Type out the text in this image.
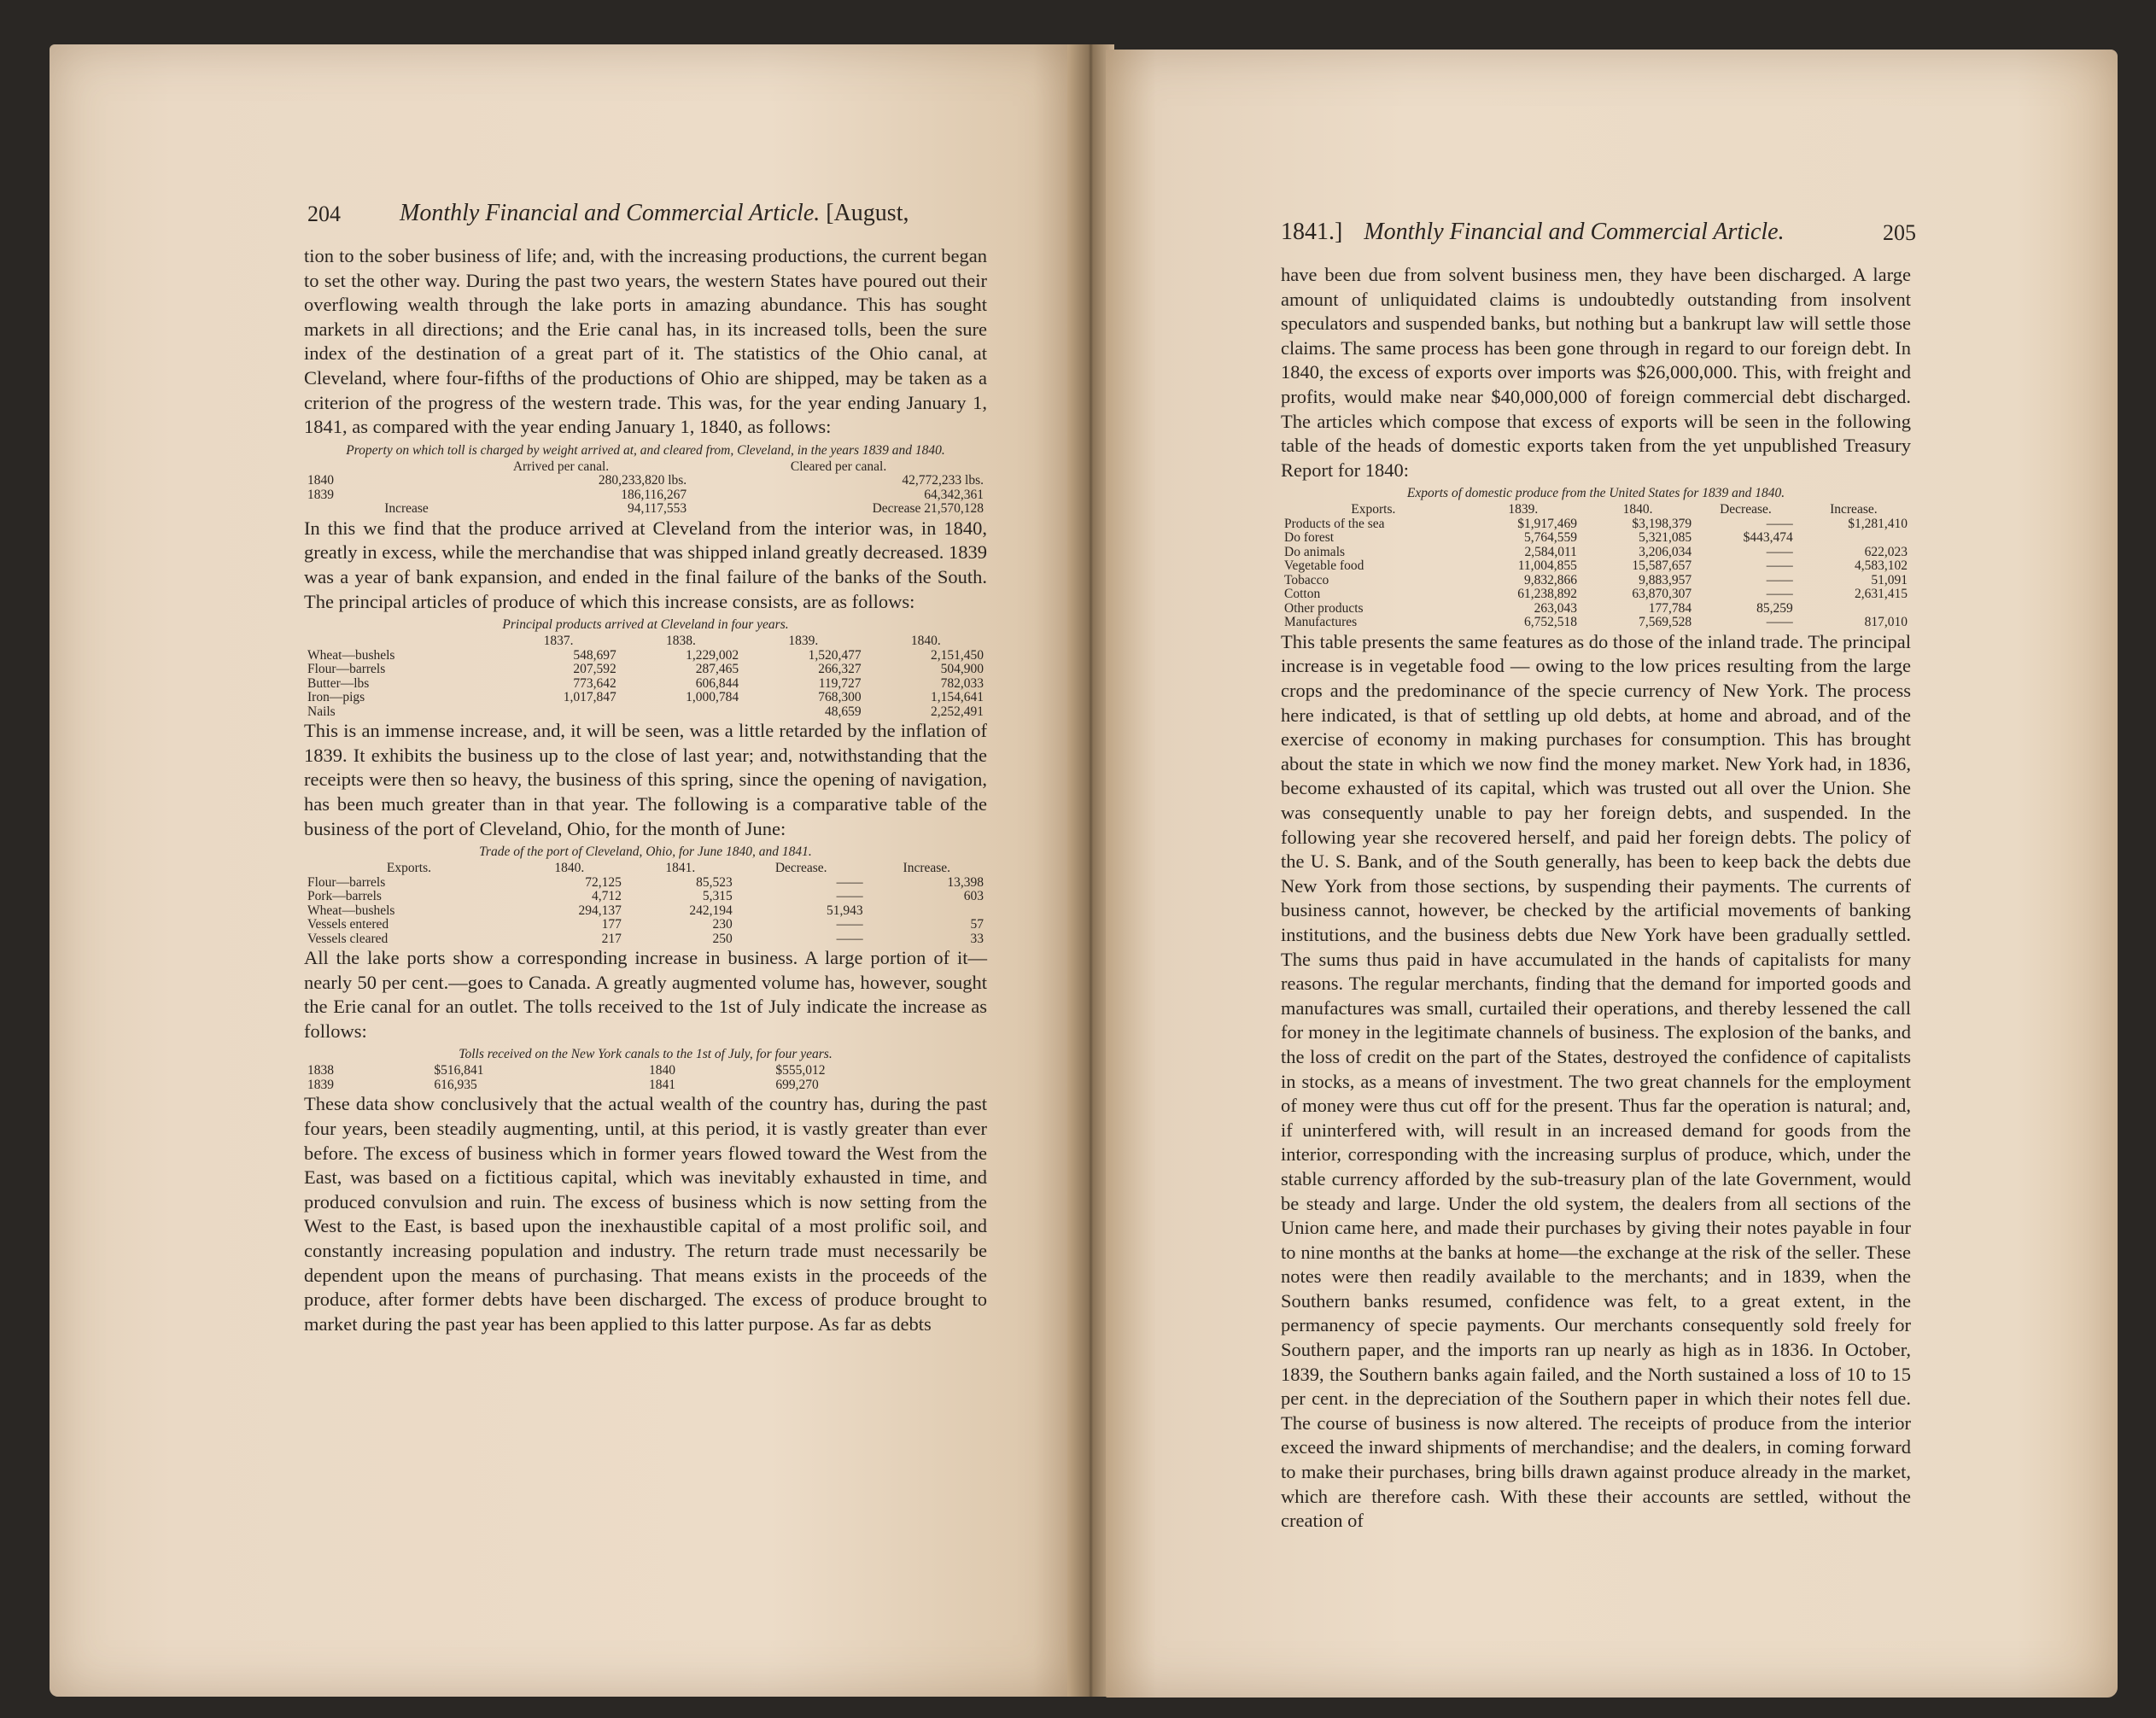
204 Monthly Financial and Commercial Article. [August,

tion to the sober business of life; and, with the increasing productions, the current began to set the other way. During the past two years, the western States have poured out their overflowing wealth through the lake ports in amazing abundance. This has sought markets in all directions; and the Erie canal has, in its increased tolls, been the sure index of the destination of a great part of it. The statistics of the Ohio canal, at Cleveland, where four-fifths of the productions of Ohio are shipped, may be taken as a criterion of the progress of the western trade. This was, for the year ending January 1, 1841, as compared with the year ending January 1, 1840, as follows:

Property on which toll is charged by weight arrived at, and cleared from, Cleveland, in the years 1839 and 1840.
	Arrived per canal.	Cleared per canal.
1840	280,233,820 lbs.	42,772,233 lbs.
1839	186,116,267	64,342,361
Increase	94,117,553	Decrease 21,570,128

In this we find that the produce arrived at Cleveland from the interior was, in 1840, greatly in excess, while the merchandise that was shipped inland greatly decreased. 1839 was a year of bank expansion, and ended in the final failure of the banks of the South. The principal articles of produce of which this increase consists, are as follows:

Principal products arrived at Cleveland in four years.
	1837.	1838.	1839.	1840.
Wheat—bushels	548,697	1,229,002	1,520,477	2,151,450
Flour—barrels	207,592	287,465	266,327	504,900
Butter—lbs	773,642	606,844	119,727	782,033
Iron—pigs	1,017,847	1,000,784	768,300	1,154,641
Nails			48,659	2,252,491

This is an immense increase, and, it will be seen, was a little retarded by the inflation of 1839. It exhibits the business up to the close of last year; and, notwithstanding that the receipts were then so heavy, the business of this spring, since the opening of navigation, has been much greater than in that year. The following is a comparative table of the business of the port of Cleveland, Ohio, for the month of June:

Trade of the port of Cleveland, Ohio, for June 1840, and 1841.
Exports.	1840.	1841.	Decrease.	Increase.
Flour—barrels	72,125	85,523	——	13,398
Pork—barrels	4,712	5,315	——	603
Wheat—bushels	294,137	242,194	51,943	
Vessels entered	177	230	——	57
Vessels cleared	217	250	——	33

All the lake ports show a corresponding increase in business. A large portion of it—nearly 50 per cent.—goes to Canada. A greatly augmented volume has, however, sought the Erie canal for an outlet. The tolls received to the 1st of July indicate the increase as follows:

Tolls received on the New York canals to the 1st of July, for four years.
1838	$516,841	1840	$555,012
1839	616,935	1841	699,270

These data show conclusively that the actual wealth of the country has, during the past four years, been steadily augmenting, until, at this period, it is vastly greater than ever before. The excess of business which in former years flowed toward the West from the East, was based on a fictitious capital, which was inevitably exhausted in time, and produced convulsion and ruin. The excess of business which is now setting from the West to the East, is based upon the inexhaustible capital of a most prolific soil, and constantly increasing population and industry. The return trade must necessarily be dependent upon the means of purchasing. That means exists in the proceeds of the produce, after former debts have been discharged. The excess of produce brought to market during the past year has been applied to this latter purpose. As far as debts

1841.] Monthly Financial and Commercial Article.	205

have been due from solvent business men, they have been discharged. A large amount of unliquidated claims is undoubtedly outstanding from insolvent speculators and suspended banks, but nothing but a bankrupt law will settle those claims. The same process has been gone through in regard to our foreign debt. In 1840, the excess of exports over imports was $26,000,000. This, with freight and profits, would make near $40,000,000 of foreign commercial debt discharged. The articles which compose that excess of exports will be seen in the following table of the heads of domestic exports taken from the yet unpublished Treasury Report for 1840:

Exports of domestic produce from the United States for 1839 and 1840.
Exports.	1839.	1840.	Decrease.	Increase.
Products of the sea	$1,917,469	$3,198,379	——	$1,281,410
Do forest	5,764,559	5,321,085	$443,474	
Do animals	2,584,011	3,206,034	——	622,023
Vegetable food	11,004,855	15,587,657	——	4,583,102
Tobacco	9,832,866	9,883,957	——	51,091
Cotton	61,238,892	63,870,307	——	2,631,415
Other products	263,043	177,784	85,259	
Manufactures	6,752,518	7,569,528	——	817,010

This table presents the same features as do those of the inland trade. The principal increase is in vegetable food — owing to the low prices resulting from the large crops and the predominance of the specie currency of New York. The process here indicated, is that of settling up old debts, at home and abroad, and of the exercise of economy in making purchases for consumption. This has brought about the state in which we now find the money market. New York had, in 1836, become exhausted of its capital, which was trusted out all over the Union. She was consequently unable to pay her foreign debts, and suspended. In the following year she recovered herself, and paid her foreign debts. The policy of the U. S. Bank, and of the South generally, has been to keep back the debts due New York from those sections, by suspending their payments. The currents of business cannot, however, be checked by the artificial movements of banking institutions, and the business debts due New York have been gradually settled. The sums thus paid in have accumulated in the hands of capitalists for many reasons. The regular merchants, finding that the demand for imported goods and manufactures was small, curtailed their operations, and thereby lessened the call for money in the legitimate channels of business. The explosion of the banks, and the loss of credit on the part of the States, destroyed the confidence of capitalists in stocks, as a means of investment. The two great channels for the employment of money were thus cut off for the present. Thus far the operation is natural; and, if uninterfered with, will result in an increased demand for goods from the interior, corresponding with the increasing surplus of produce, which, under the stable currency afforded by the sub-treasury plan of the late Government, would be steady and large. Under the old system, the dealers from all sections of the Union came here, and made their purchases by giving their notes payable in four to nine months at the banks at home—the exchange at the risk of the seller. These notes were then readily available to the merchants; and in 1839, when the Southern banks resumed, confidence was felt, to a great extent, in the permanency of specie payments. Our merchants consequently sold freely for Southern paper, and the imports ran up nearly as high as in 1836. In October, 1839, the Southern banks again failed, and the North sustained a loss of 10 to 15 per cent. in the depreciation of the Southern paper in which their notes fell due. The course of business is now altered. The receipts of produce from the interior exceed the inward shipments of merchandise; and the dealers, in coming forward to make their purchases, bring bills drawn against produce already in the market, which are therefore cash. With these their accounts are settled, without the creation of
